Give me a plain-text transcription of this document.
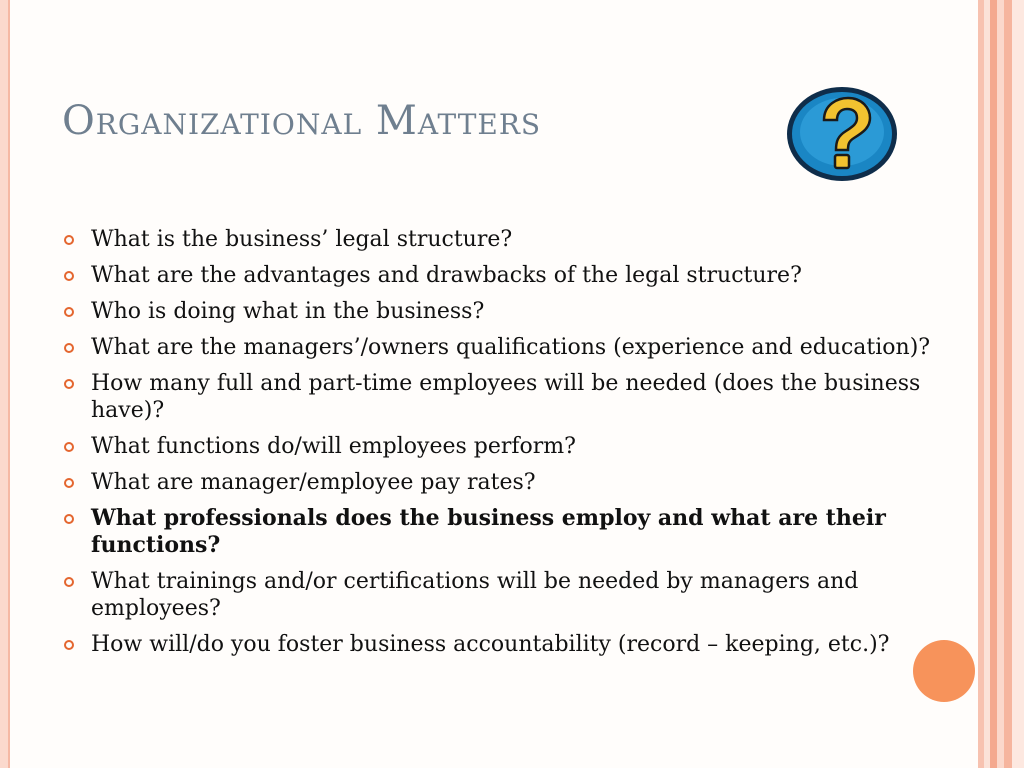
Organizational Matters
What is the business’ legal structure?
What are the advantages and drawbacks of the legal structure?
Who is doing what in the business?
What are the managers’/owners qualifications (experience and education)?
How many full and part-time employees will be needed (does the business have)?
What functions do/will employees perform?
What are manager/employee pay rates?
What professionals does the business employ and what are their functions?
What trainings and/or certifications will be needed by managers and employees?
How will/do you foster business accountability (record – keeping, etc.)?
